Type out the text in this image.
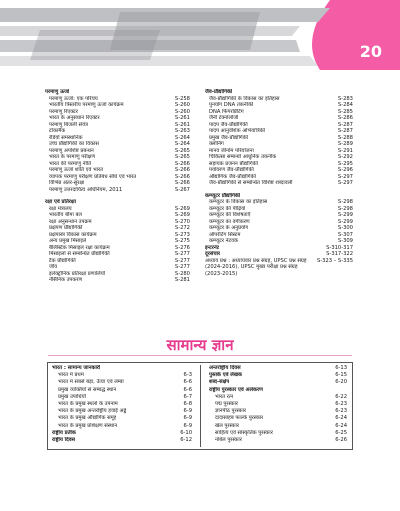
20
परमाणु ऊर्जा
परमाणु ऊर्जा: एक परिचय	S-258
भारतीय त्रिस्तरीय परमाणु ऊर्जा कार्यक्रम	S-260
परमाणु रिएक्टर	S-260
भारत के अनुसंधान रिएक्टर	S-261
परमाणु बिजली संयंत्र	S-261
टोकामैक	S-263
रेडियो समस्थानिक	S-264
उच्च प्रौद्योगिकी का विकास	S-264
परमाणु अपशिष्ट प्रबन्धन	S-265
भारत के परमाणु परीक्षण	S-265
भारत की परमाणु नीति	S-266
परमाणु ऊर्जा शांति एवं भारत	S-266
व्यापक परमाणु परीक्षण प्रतिबंध संधि एवं भारत	S-266
विभिन्न अंतर-सुरक्षा	S-266
परमाणु उत्तरदायित्व अधिनियम, 2011	S-267
रक्षा एवं प्रतिरक्षा
रक्षा मंत्रालय	S-269
भारतीय बीमा बल	S-269
रक्षा अनुसन्धान उपक्रम	S-270
प्रक्षेपण प्रौद्योगिकी	S-272
प्रक्षेपास्त्र विकास कार्यक्रम	S-273
अन्य प्रमुख मिसाइलें	S-275
बैलिस्टिक मिसाइल रक्षा कार्यक्रम	S-276
मिसाइलों से सम्बन्धित प्रौद्योगिकी	S-277
टैंक प्रौद्योगिकी	S-277
जीव	S-277
इलेक्ट्रॉनिक प्रतिरक्षा प्रणालियाँ	S-280
नौसैनिक उपकरण	S-281
जैव-प्रौद्योगिकी
जैव-प्रौद्योगिकी के विकास का इतिहास	S-283
पुनर्योग DNA तकनीकी	S-284
DNA फिंगरप्रिंटिंग	S-285
जैनी टेक्नोलॉजी	S-286
पादप जैव-प्रौद्योगिकी	S-287
पादप आनुवंशिक अभियांत्रिकी	S-287
प्रमुख जैव-प्रौद्योगिकी	S-288
क्लोनिंग	S-289
मानव जीनोम परियोजना	S-291
चिकित्सा सम्बन्धी आधुनिक तकनीक	S-292
सहायक प्रजनन प्रौद्योगिकी	S-295
पर्यावरण जैव-प्रौद्योगिकी	S-296
औद्योगिक जैव-प्रौद्योगिकी	S-297
जैव-प्रौद्योगिकी से सम्बन्धित विशिष्ट शब्दावली	S-297
कम्प्यूटर प्रौद्योगिकी
कम्प्यूटर के विकास का इतिहास	S-298
कम्प्यूटर की पीढ़ियाँ	S-298
कम्प्यूटर की विशेषताएँ	S-299
कम्प्यूटर का वर्गीकरण	S-299
कम्प्यूटर के अनुप्रयोग	S-300
ऑपरेटिंग सिस्टम	S-307
कम्प्यूटर नेटवर्क	S-309
इन्टरनेट	S-310-317
दूरसंचार	S-317-322
अध्याय प्रश्न : अध्यायवार प्रश्न संग्रह, UPSC प्रश्न संग्रह (2024-2016), UPSC मुख्य परीक्षा प्रश्न संग्रह (2023-2015)
S-323 – S-335
सामान्य ज्ञान
भारत : सामान्य जानकारी
भारत में प्रथम	6-3
भारत में सबसे बड़ा, ऊँचा एवं लम्बा	6-6
प्रमुख व्यक्तियों से सम्बद्ध स्थान	6-6
प्रमुख उपाधियाँ	6-7
भारत के प्रमुख स्थलों के उपनाम	6-8
भारत के प्रमुख अन्तर्राष्ट्रीय हवाई अड्डे	6-9
भारत के प्रमुख औद्योगिक समूह	6-9
भारत के प्रमुख प्रशिक्षण संस्थान	6-9
राष्ट्रीय प्रतीक	6-10
राष्ट्रीय दिवस	6-12
अन्तर्राष्ट्रीय दिवस	6-13
पुस्तकें एवं लेखक	6-15
शब्द-संक्षेप	6-20
राष्ट्रीय पुरस्कार एवं अलंकरण
भारत रत्न	6-22
पद्म पुरस्कार	6-23
ज्ञानपीठ पुरस्कार	6-23
दादासाहब फाल्के पुरस्कार	6-24
खेल पुरस्कार	6-24
साहित्य एवं सांस्कृतिक पुरस्कार	6-25
नोबेल पुरस्कार	6-26
